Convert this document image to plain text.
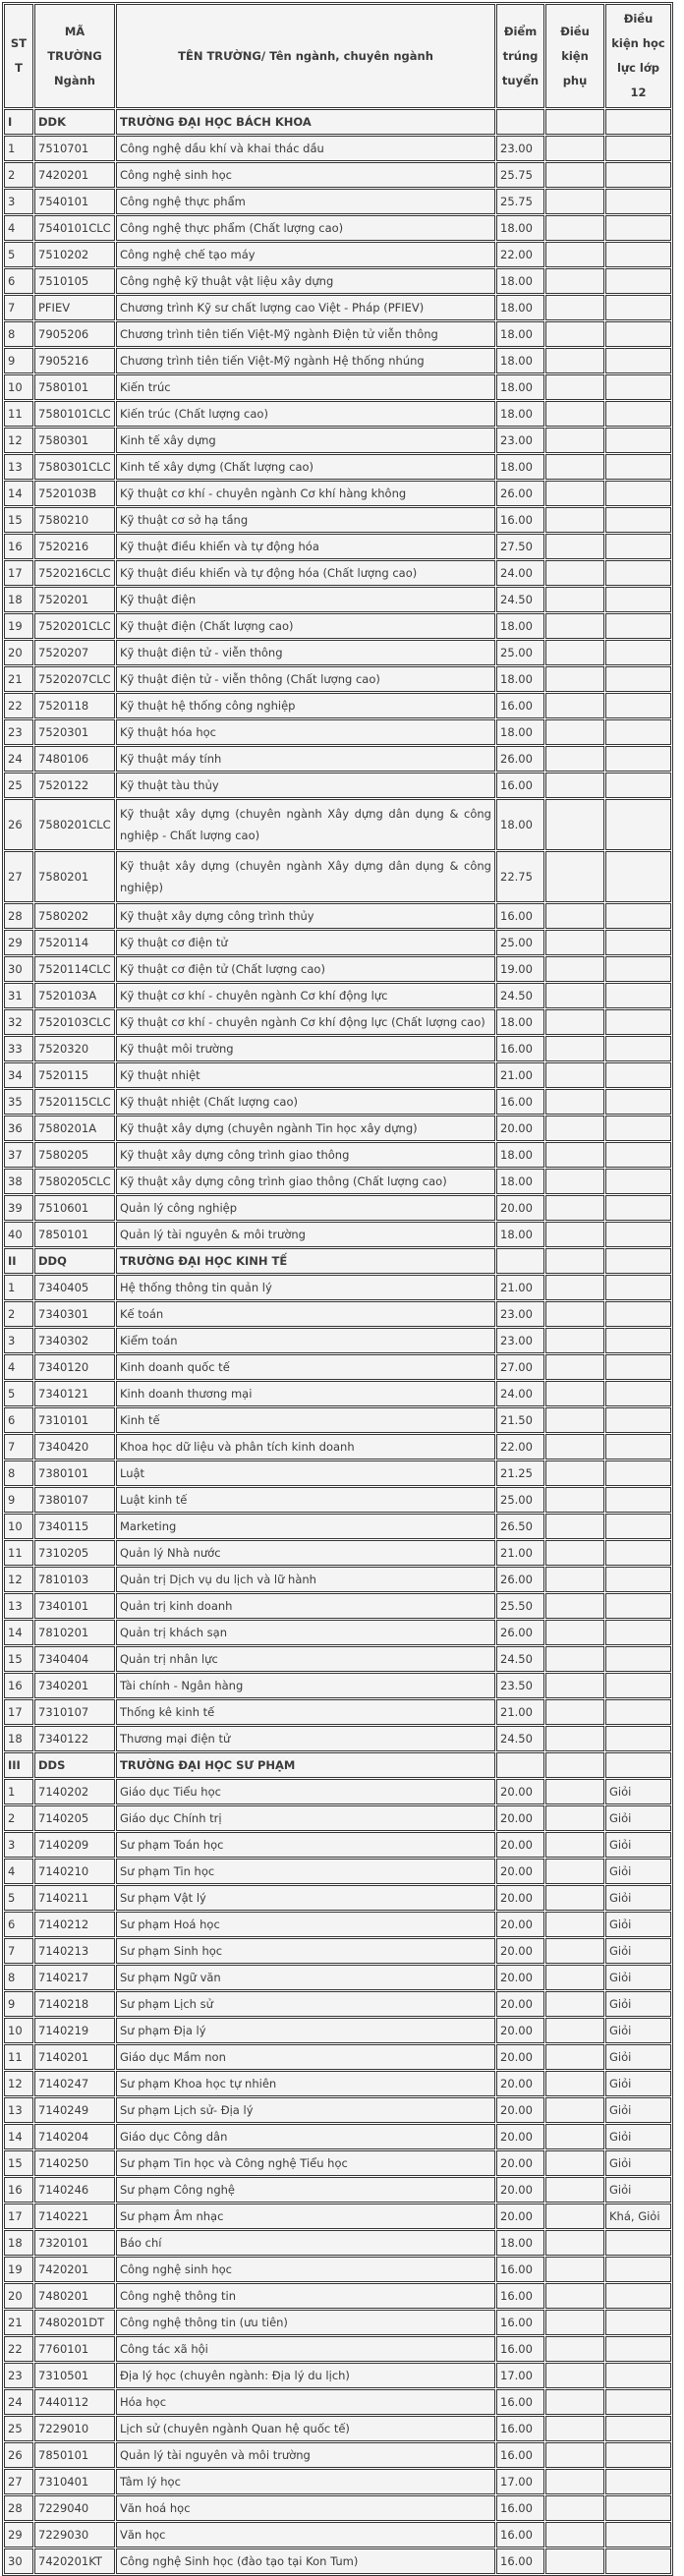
STT	MÃ TRƯỜNG Ngành	TÊN TRƯỜNG/ Tên ngành, chuyên ngành	Điểm trúng tuyển	Điều kiện phụ	Điều kiện học lực lớp 12
I	DDK	TRƯỜNG ĐẠI HỌC BÁCH KHOA			
1	7510701	Công nghệ dầu khí và khai thác dầu	23.00		
2	7420201	Công nghệ sinh học	25.75		
3	7540101	Công nghệ thực phẩm	25.75		
4	7540101CLC	Công nghệ thực phẩm (Chất lượng cao)	18.00		
5	7510202	Công nghệ chế tạo máy	22.00		
6	7510105	Công nghệ kỹ thuật vật liệu xây dựng	18.00		
7	PFIEV	Chương trình Kỹ sư chất lượng cao Việt - Pháp (PFIEV)	18.00		
8	7905206	Chương trình tiên tiến Việt-Mỹ ngành Điện tử viễn thông	18.00		
9	7905216	Chương trình tiên tiến Việt-Mỹ ngành Hệ thống nhúng	18.00		
10	7580101	Kiến trúc	18.00		
11	7580101CLC	Kiến trúc (Chất lượng cao)	18.00		
12	7580301	Kinh tế xây dựng	23.00		
13	7580301CLC	Kinh tế xây dựng (Chất lượng cao)	18.00		
14	7520103B	Kỹ thuật cơ khí - chuyên ngành Cơ khí hàng không	26.00		
15	7580210	Kỹ thuật cơ sở hạ tầng	16.00		
16	7520216	Kỹ thuật điều khiển và tự động hóa	27.50		
17	7520216CLC	Kỹ thuật điều khiển và tự động hóa (Chất lượng cao)	24.00		
18	7520201	Kỹ thuật điện	24.50		
19	7520201CLC	Kỹ thuật điện (Chất lượng cao)	18.00		
20	7520207	Kỹ thuật điện tử - viễn thông	25.00		
21	7520207CLC	Kỹ thuật điện tử - viễn thông (Chất lượng cao)	18.00		
22	7520118	Kỹ thuật hệ thống công nghiệp	16.00		
23	7520301	Kỹ thuật hóa học	18.00		
24	7480106	Kỹ thuật máy tính	26.00		
25	7520122	Kỹ thuật tàu thủy	16.00		
26	7580201CLC	Kỹ thuật xây dựng (chuyên ngành Xây dựng dân dụng & công nghiệp - Chất lượng cao)	18.00		
27	7580201	Kỹ thuật xây dựng (chuyên ngành Xây dựng dân dụng & công nghiệp)	22.75		
28	7580202	Kỹ thuật xây dựng công trình thủy	16.00		
29	7520114	Kỹ thuật cơ điện tử	25.00		
30	7520114CLC	Kỹ thuật cơ điện tử (Chất lượng cao)	19.00		
31	7520103A	Kỹ thuật cơ khí - chuyên ngành Cơ khí động lực	24.50		
32	7520103CLC	Kỹ thuật cơ khí - chuyên ngành Cơ khí động lực (Chất lượng cao)	18.00		
33	7520320	Kỹ thuật môi trường	16.00		
34	7520115	Kỹ thuật nhiệt	21.00		
35	7520115CLC	Kỹ thuật nhiệt (Chất lượng cao)	16.00		
36	7580201A	Kỹ thuật xây dựng (chuyên ngành Tin học xây dựng)	20.00		
37	7580205	Kỹ thuật xây dựng công trình giao thông	18.00		
38	7580205CLC	Kỹ thuật xây dựng công trình giao thông (Chất lượng cao)	18.00		
39	7510601	Quản lý công nghiệp	20.00		
40	7850101	Quản lý tài nguyên & môi trường	18.00		
II	DDQ	TRƯỜNG ĐẠI HỌC KINH TẾ			
1	7340405	Hệ thống thông tin quản lý	21.00		
2	7340301	Kế toán	23.00		
3	7340302	Kiểm toán	23.00		
4	7340120	Kinh doanh quốc tế	27.00		
5	7340121	Kinh doanh thương mại	24.00		
6	7310101	Kinh tế	21.50		
7	7340420	Khoa học dữ liệu và phân tích kinh doanh	22.00		
8	7380101	Luật	21.25		
9	7380107	Luật kinh tế	25.00		
10	7340115	Marketing	26.50		
11	7310205	Quản lý Nhà nước	21.00		
12	7810103	Quản trị Dịch vụ du lịch và lữ hành	26.00		
13	7340101	Quản trị kinh doanh	25.50		
14	7810201	Quản trị khách sạn	26.00		
15	7340404	Quản trị nhân lực	24.50		
16	7340201	Tài chính - Ngân hàng	23.50		
17	7310107	Thống kê kinh tế	21.00		
18	7340122	Thương mại điện tử	24.50		
III	DDS	TRƯỜNG ĐẠI HỌC SƯ PHẠM			
1	7140202	Giáo dục Tiểu học	20.00		Giỏi
2	7140205	Giáo dục Chính trị	20.00		Giỏi
3	7140209	Sư phạm Toán học	20.00		Giỏi
4	7140210	Sư phạm Tin học	20.00		Giỏi
5	7140211	Sư phạm Vật lý	20.00		Giỏi
6	7140212	Sư phạm Hoá học	20.00		Giỏi
7	7140213	Sư phạm Sinh học	20.00		Giỏi
8	7140217	Sư phạm Ngữ văn	20.00		Giỏi
9	7140218	Sư phạm Lịch sử	20.00		Giỏi
10	7140219	Sư phạm Địa lý	20.00		Giỏi
11	7140201	Giáo dục Mầm non	20.00		Giỏi
12	7140247	Sư phạm Khoa học tự nhiên	20.00		Giỏi
13	7140249	Sư phạm Lịch sử- Địa lý	20.00		Giỏi
14	7140204	Giáo dục Công dân	20.00		Giỏi
15	7140250	Sư phạm Tin học và Công nghệ Tiểu học	20.00		Giỏi
16	7140246	Sư phạm Công nghệ	20.00		Giỏi
17	7140221	Sư phạm Âm nhạc	20.00		Khá, Giỏi
18	7320101	Báo chí	18.00		
19	7420201	Công nghệ sinh học	16.00		
20	7480201	Công nghệ thông tin	16.00		
21	7480201DT	Công nghệ thông tin (ưu tiên)	16.00		
22	7760101	Công tác xã hội	16.00		
23	7310501	Địa lý học (chuyên ngành: Địa lý du lịch)	17.00		
24	7440112	Hóa học	16.00		
25	7229010	Lịch sử (chuyên ngành Quan hệ quốc tế)	16.00		
26	7850101	Quản lý tài nguyên và môi trường	16.00		
27	7310401	Tâm lý học	17.00		
28	7229040	Văn hoá học	16.00		
29	7229030	Văn học	16.00		
30	7420201KT	Công nghệ Sinh học (đào tạo tại Kon Tum)	16.00		
